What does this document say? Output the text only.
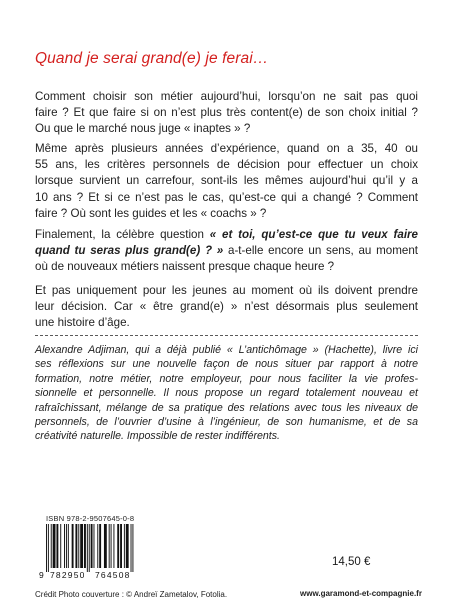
Quand je serai grand(e) je ferai…
Comment choisir son métier aujourd’hui, lorsqu’on ne sait pas quoi
faire ? Et que faire si on n’est plus très content(e) de son choix initial ?
Ou que le marché nous juge « inaptes » ?
Même après plusieurs années d’expérience, quand on a 35, 40 ou
55 ans, les critères personnels de décision pour effectuer un choix
lorsque survient un carrefour, sont-ils les mêmes aujourd’hui qu’il y a
10 ans ? Et si ce n’est pas le cas, qu’est-ce qui a changé ? Comment
faire ? Où sont les guides et les « coachs » ?
Finalement, la célèbre question « et toi, qu’est-ce que tu veux faire
quand tu seras plus grand(e) ? » a-t-elle encore un sens, au moment
où de nouveaux métiers naissent presque chaque heure ?
Et pas uniquement pour les jeunes au moment où ils doivent prendre
leur décision. Car « être grand(e) » n’est désormais plus seulement
une histoire d’âge.
Alexandre Adjiman, qui a déjà publié « L’antichômage » (Hachette), livre ici
ses réflexions sur une nouvelle façon de nous situer par rapport à notre
formation, notre métier, notre employeur, pour nous faciliter la vie profes-
sionnelle et personnelle. Il nous propose un regard totalement nouveau et
rafraîchissant, mélange de sa pratique des relations avec tous les niveaux de
personnels, de l’ouvrier d’usine à l’ingénieur, de son humanisme, et de sa
créativité naturelle. Impossible de rester indifférents.
ISBN 978-2-9507645-0-8
9 782950 764508
14,50 €
Crédit Photo couverture : © Andreï Zametalov, Fotolia.	www.garamond-et-compagnie.fr
